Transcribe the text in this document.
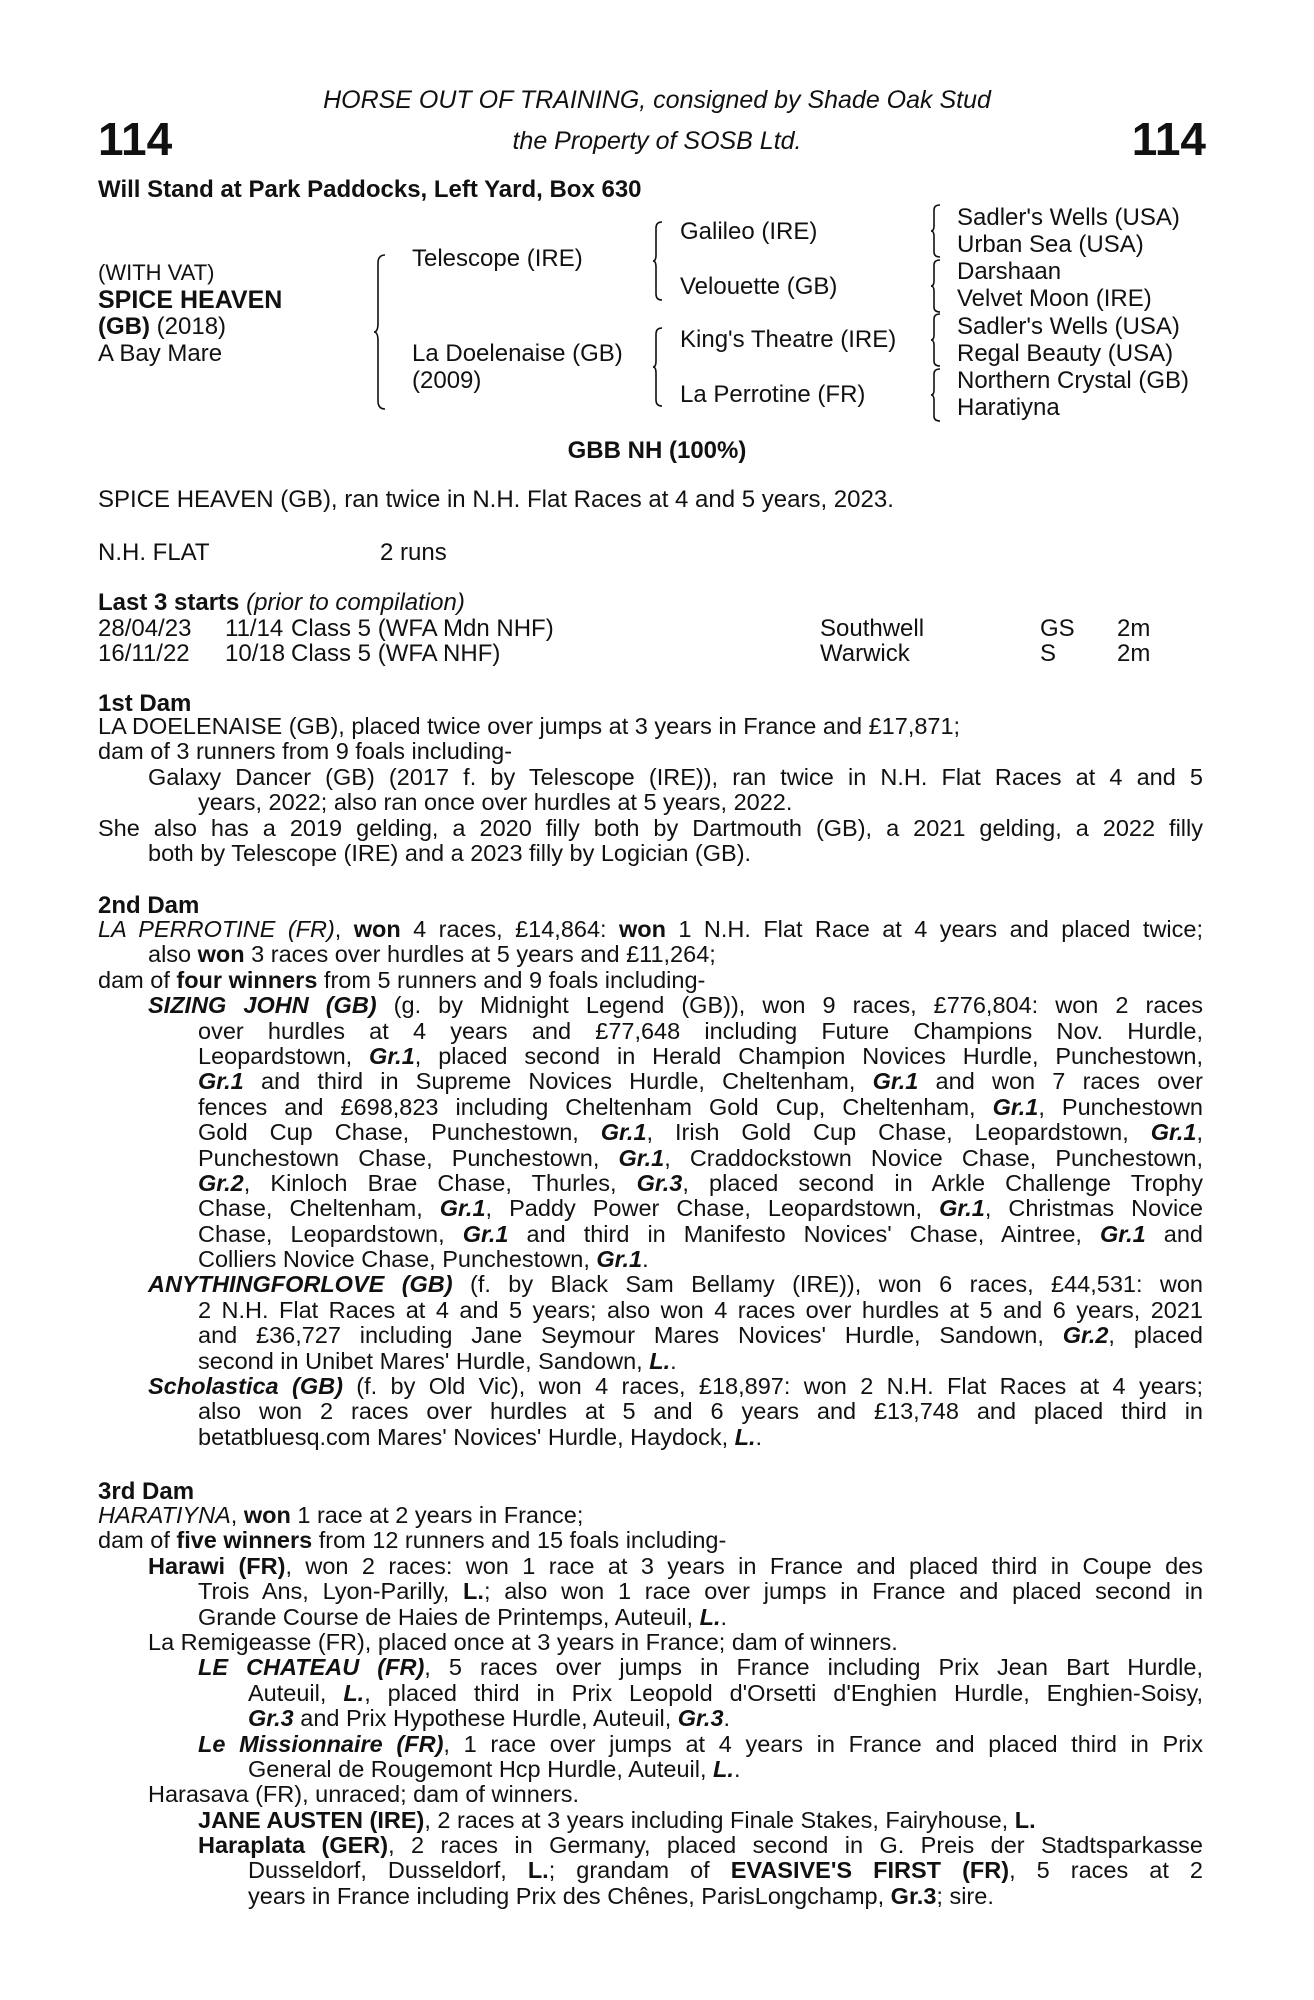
114	114
HORSE OUT OF TRAINING, consigned by Shade Oak Stud
the Property of SOSB Ltd.
Will Stand at Park Paddocks, Left Yard, Box 630
(WITH VAT)
SPICE HEAVEN
(GB) (2018)
A Bay Mare
Telescope (IRE)
La Doelenaise (GB)
(2009)
Galileo (IRE)
Velouette (GB)
King's Theatre (IRE)
La Perrotine (FR)
Sadler's Wells (USA)
Urban Sea (USA)
Darshaan
Velvet Moon (IRE)
Sadler's Wells (USA)
Regal Beauty (USA)
Northern Crystal (GB)
Haratiyna
GBB NH (100%)
SPICE HEAVEN (GB), ran twice in N.H. Flat Races at 4 and 5 years, 2023.
N.H. FLAT	2 runs
Last 3 starts (prior to compilation)
28/04/23 11/14 Class 5 (WFA Mdn NHF)	Southwell	GS 2m
16/11/22 10/18 Class 5 (WFA NHF)	Warwick	S	2m
1st Dam
LA DOELENAISE (GB), placed twice over jumps at 3 years in France and £17,871;
dam of 3 runners from 9 foals including-
Galaxy Dancer (GB) (2017 f. by Telescope (IRE)), ran twice in N.H. Flat Races at 4 and 5
years, 2022; also ran once over hurdles at 5 years, 2022.
She also has a 2019 gelding, a 2020 filly both by Dartmouth (GB), a 2021 gelding, a 2022 filly
both by Telescope (IRE) and a 2023 filly by Logician (GB).
2nd Dam
LA PERROTINE (FR), won 4 races, £14,864: won 1 N.H. Flat Race at 4 years and placed twice;
also won 3 races over hurdles at 5 years and £11,264;
dam of four winners from 5 runners and 9 foals including-
SIZING JOHN (GB) (g. by Midnight Legend (GB)), won 9 races, £776,804: won 2 races
over hurdles at 4 years and £77,648 including Future Champions Nov. Hurdle,
Leopardstown, Gr.1, placed second in Herald Champion Novices Hurdle, Punchestown,
Gr.1 and third in Supreme Novices Hurdle, Cheltenham, Gr.1 and won 7 races over
fences and £698,823 including Cheltenham Gold Cup, Cheltenham, Gr.1, Punchestown
Gold Cup Chase, Punchestown, Gr.1, Irish Gold Cup Chase, Leopardstown, Gr.1,
Punchestown Chase, Punchestown, Gr.1, Craddockstown Novice Chase, Punchestown,
Gr.2, Kinloch Brae Chase, Thurles, Gr.3, placed second in Arkle Challenge Trophy
Chase, Cheltenham, Gr.1, Paddy Power Chase, Leopardstown, Gr.1, Christmas Novice
Chase, Leopardstown, Gr.1 and third in Manifesto Novices' Chase, Aintree, Gr.1 and
Colliers Novice Chase, Punchestown, Gr.1.
ANYTHINGFORLOVE (GB) (f. by Black Sam Bellamy (IRE)), won 6 races, £44,531: won
2 N.H. Flat Races at 4 and 5 years; also won 4 races over hurdles at 5 and 6 years, 2021
and £36,727 including Jane Seymour Mares Novices' Hurdle, Sandown, Gr.2, placed
second in Unibet Mares' Hurdle, Sandown, L..
Scholastica (GB) (f. by Old Vic), won 4 races, £18,897: won 2 N.H. Flat Races at 4 years;
also won 2 races over hurdles at 5 and 6 years and £13,748 and placed third in
betatbluesq.com Mares' Novices' Hurdle, Haydock, L..
3rd Dam
HARATIYNA, won 1 race at 2 years in France;
dam of five winners from 12 runners and 15 foals including-
Harawi (FR), won 2 races: won 1 race at 3 years in France and placed third in Coupe des
Trois Ans, Lyon-Parilly, L.; also won 1 race over jumps in France and placed second in
Grande Course de Haies de Printemps, Auteuil, L..
La Remigeasse (FR), placed once at 3 years in France; dam of winners.
LE CHATEAU (FR), 5 races over jumps in France including Prix Jean Bart Hurdle,
Auteuil, L., placed third in Prix Leopold d'Orsetti d'Enghien Hurdle, Enghien-Soisy,
Gr.3 and Prix Hypothese Hurdle, Auteuil, Gr.3.
Le Missionnaire (FR), 1 race over jumps at 4 years in France and placed third in Prix
General de Rougemont Hcp Hurdle, Auteuil, L..
Harasava (FR), unraced; dam of winners.
JANE AUSTEN (IRE), 2 races at 3 years including Finale Stakes, Fairyhouse, L.
Haraplata (GER), 2 races in Germany, placed second in G. Preis der Stadtsparkasse
Dusseldorf, Dusseldorf, L.; grandam of EVASIVE'S FIRST (FR), 5 races at 2
years in France including Prix des Chênes, ParisLongchamp, Gr.3; sire.
